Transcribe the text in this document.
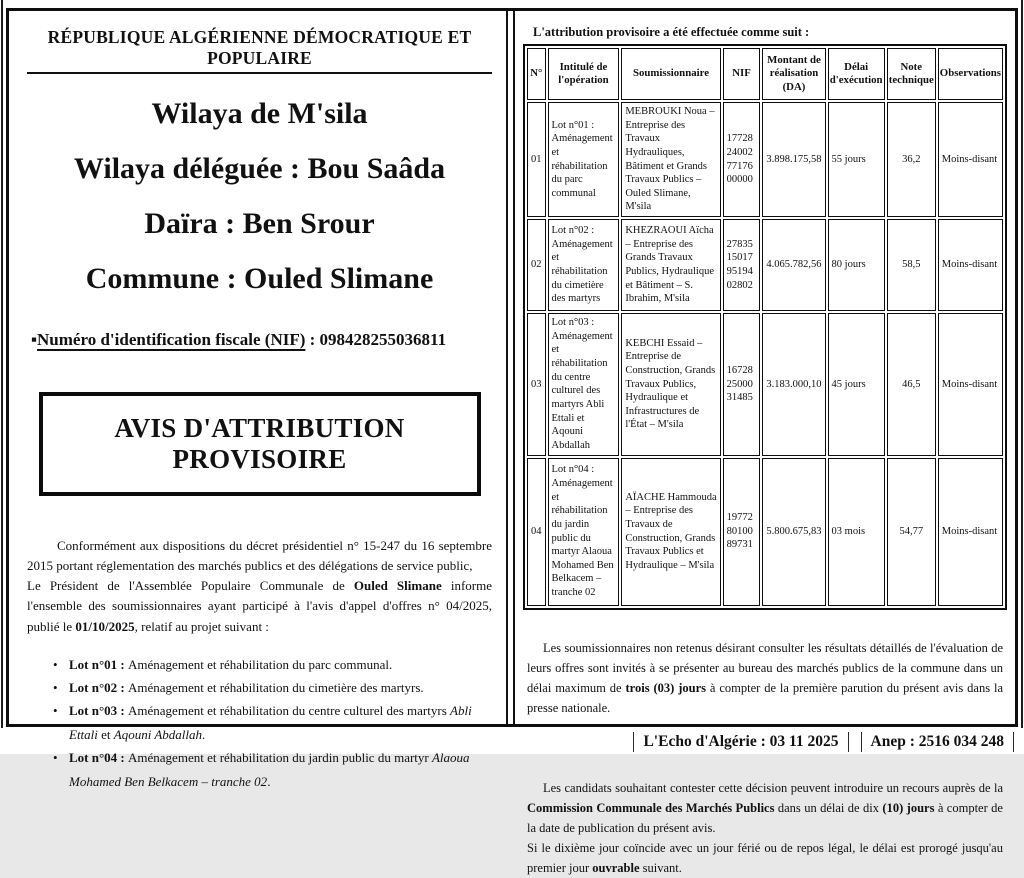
RÉPUBLIQUE ALGÉRIENNE DÉMOCRATIQUE ET POPULAIRE
Wilaya de M'sila
Wilaya déléguée : Bou Saâda
Daïra : Ben Srour
Commune : Ouled Slimane
▪Numéro d'identification fiscale (NIF) : 098428255036811
AVIS D'ATTRIBUTION PROVISOIRE

Conformément aux dispositions du décret présidentiel n° 15-247 du 16 septembre 2015 portant réglementation des marchés publics et des délégations de service public,

Le Président de l'Assemblée Populaire Communale de Ouled Slimane informe l'ensemble des soumissionnaires ayant participé à l'avis d'appel d'offres n° 04/2025, publié le 01/10/2025, relatif au projet suivant :

• Lot n°01 : Aménagement et réhabilitation du parc communal.
• Lot n°02 : Aménagement et réhabilitation du cimetière des martyrs.
• Lot n°03 : Aménagement et réhabilitation du centre culturel des martyrs Abli Ettali et Aqouni Abdallah.
• Lot n°04 : Aménagement et réhabilitation du jardin public du martyr Alaoua Mohamed Ben Belkacem – tranche 02.
L'attribution provisoire a été effectuée comme suit :
N°	Intitulé de l'opération	Soumissionnaire	NIF	Montant de réalisation (DA)	Délai d'exécution	Note technique	Observations
01	Lot n°01 : Aménagement et réhabilitation du parc communal	MEBROUKI Noua – Entreprise des Travaux Hydrauliques, Bâtiment et Grands Travaux Publics – Ouled Slimane, M'sila	17728240027717600000	3.898.175,58	55 jours	36,2	Moins-disant
02	Lot n°02 : Aménagement et réhabilitation du cimetière des martyrs	KHEZRAOUI Aïcha – Entreprise des Grands Travaux Publics, Hydraulique et Bâtiment – S. Ibrahim, M'sila	27835150179519402802	4.065.782,56	80 jours	58,5	Moins-disant
03	Lot n°03 : Aménagement et réhabilitation du centre culturel des martyrs Abli Ettali et Aqouni Abdallah	KEBCHI Essaid – Entreprise de Construction, Grands Travaux Publics, Hydraulique et Infrastructures de l'État – M'sila	167282500031485	3.183.000,10	45 jours	46,5	Moins-disant
04	Lot n°04 : Aménagement et réhabilitation du jardin public du martyr Alaoua Mohamed Ben Belkacem – tranche 02	AÏACHE Hammouda – Entreprise des Travaux de Construction, Grands Travaux Publics et Hydraulique – M'sila	197728010089731	5.800.675,83	03 mois	54,77	Moins-disant

Les soumissionnaires non retenus désirant consulter les résultats détaillés de l'évaluation de leurs offres sont invités à se présenter au bureau des marchés publics de la commune dans un délai maximum de trois (03) jours à compter de la première parution du présent avis dans la presse nationale.

Les candidats souhaitant contester cette décision peuvent introduire un recours auprès de la Commission Communale des Marchés Publics dans un délai de dix (10) jours à compter de la date de publication du présent avis.

Si le dixième jour coïncide avec un jour férié ou de repos légal, le délai est prorogé jusqu'au premier jour ouvrable suivant.

L'Echo d'Algérie : 03 11 2025	Anep : 2516 034 248
